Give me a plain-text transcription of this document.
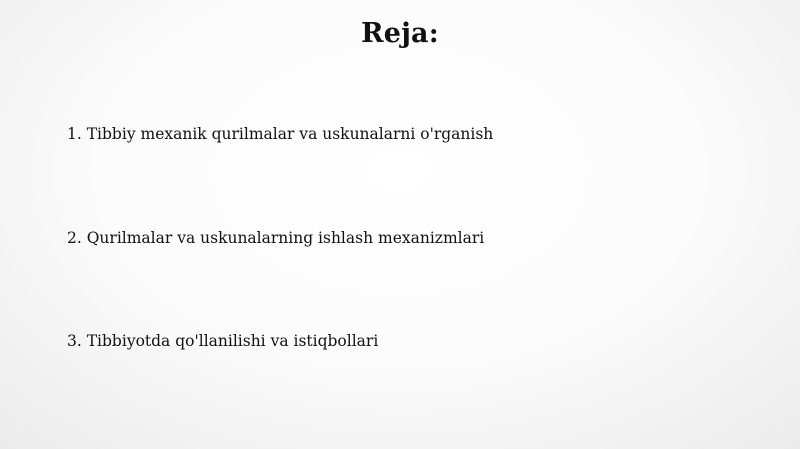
Reja:
1. Tibbiy mexanik qurilmalar va uskunalarni o'rganish
2. Qurilmalar va uskunalarning ishlash mexanizmlari
3. Tibbiyotda qo'llanilishi va istiqbollari
